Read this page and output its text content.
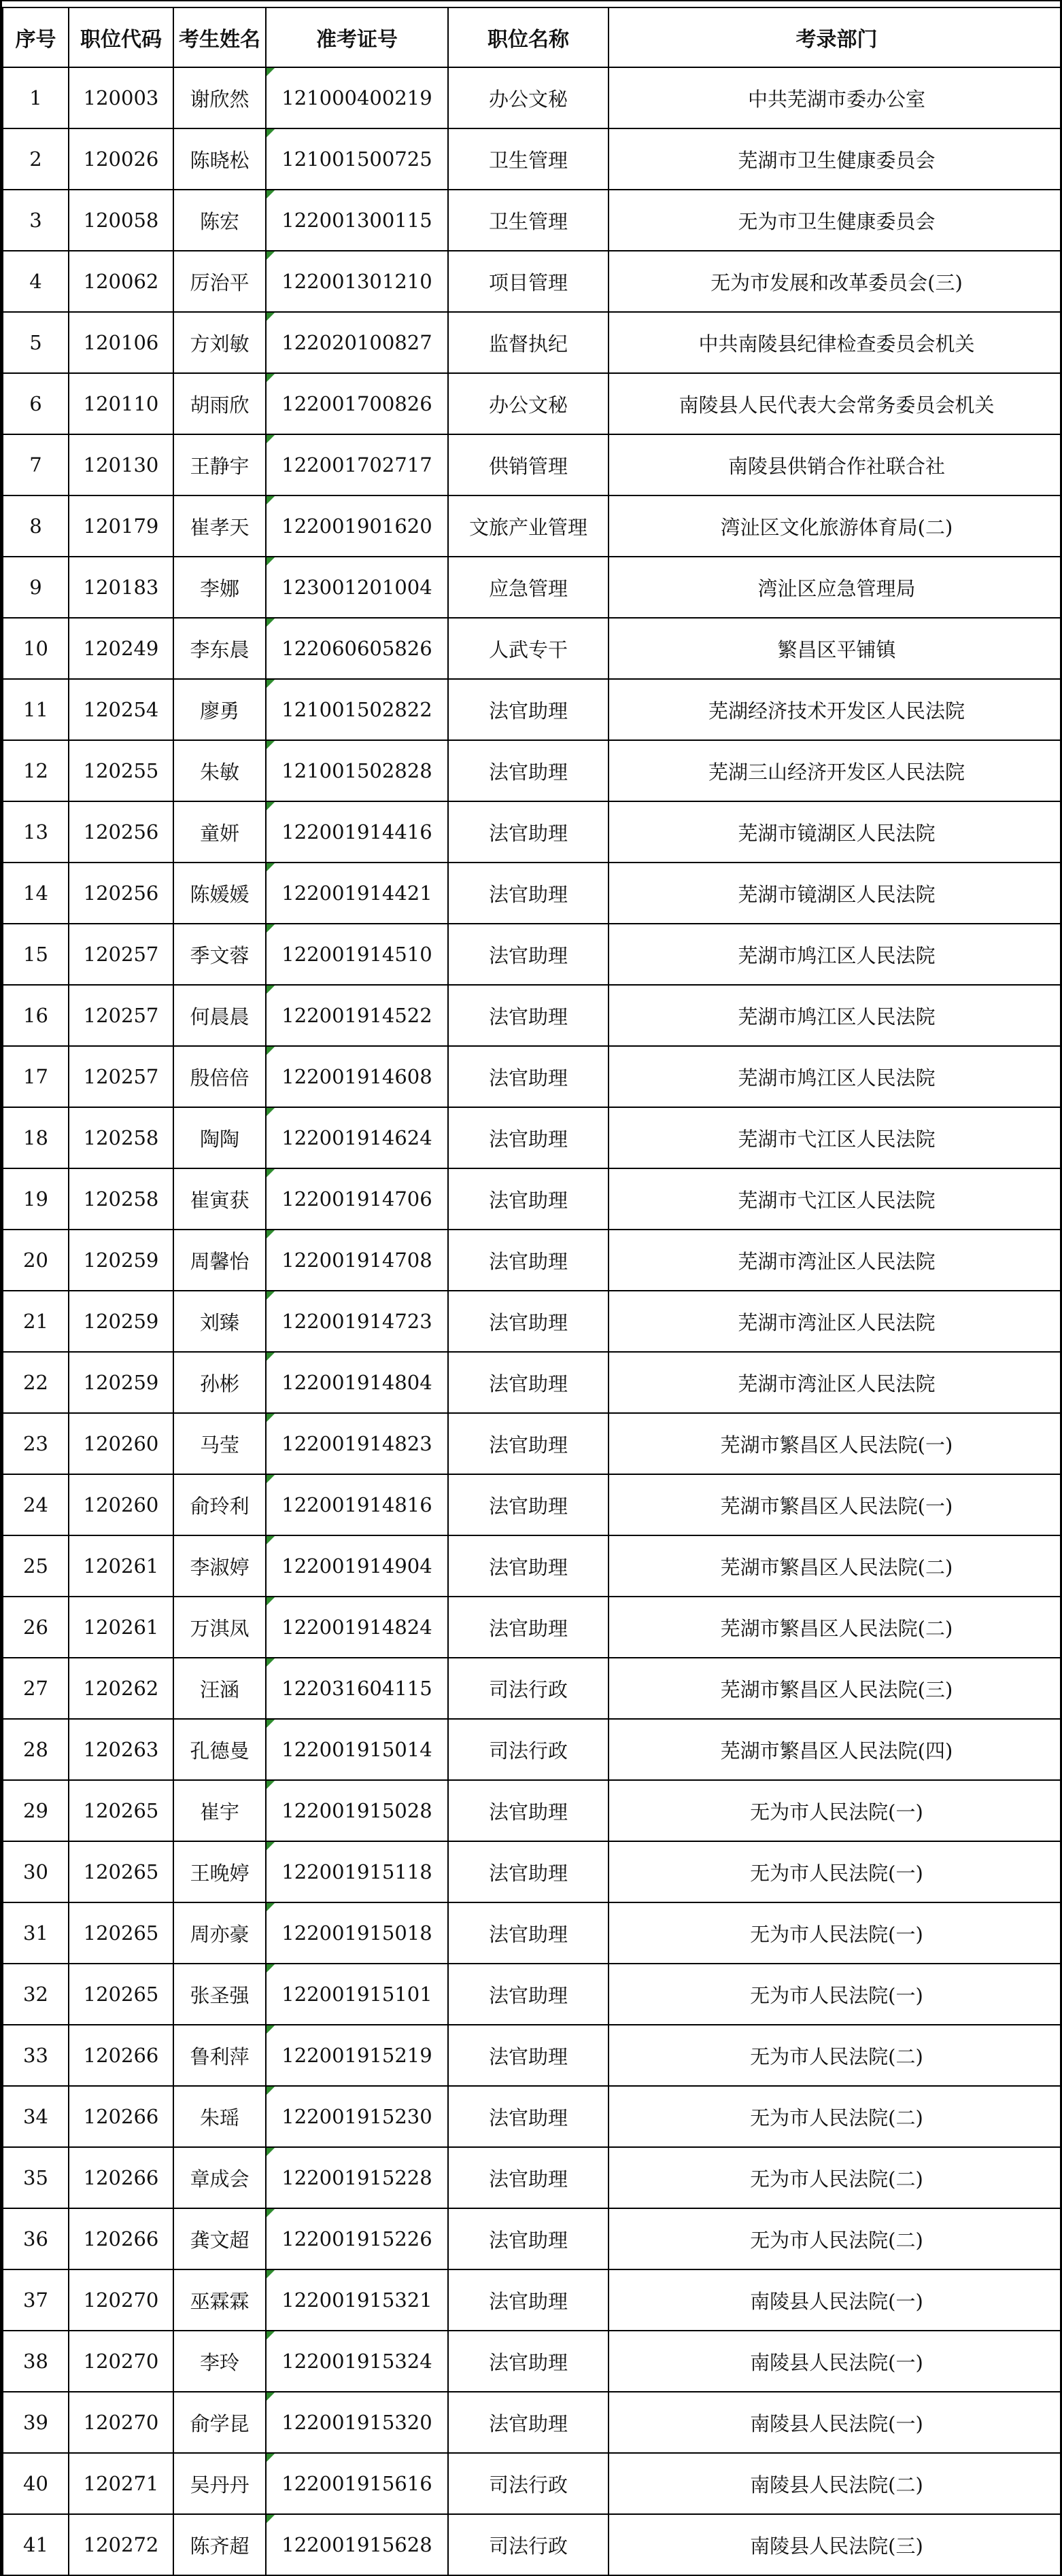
序号	职位代码	考生姓名	准考证号	职位名称	考录部门
1	120003	谢欣然	121000400219	办公文秘	中共芜湖市委办公室
2	120026	陈晓松	121001500725	卫生管理	芜湖市卫生健康委员会
3	120058	陈宏	122001300115	卫生管理	无为市卫生健康委员会
4	120062	厉治平	122001301210	项目管理	无为市发展和改革委员会(三)
5	120106	方刘敏	122020100827	监督执纪	中共南陵县纪律检查委员会机关
6	120110	胡雨欣	122001700826	办公文秘	南陵县人民代表大会常务委员会机关
7	120130	王静宇	122001702717	供销管理	南陵县供销合作社联合社
8	120179	崔孝天	122001901620	文旅产业管理	湾沚区文化旅游体育局(二)
9	120183	李娜	123001201004	应急管理	湾沚区应急管理局
10	120249	李东晨	122060605826	人武专干	繁昌区平铺镇
11	120254	廖勇	121001502822	法官助理	芜湖经济技术开发区人民法院
12	120255	朱敏	121001502828	法官助理	芜湖三山经济开发区人民法院
13	120256	童妍	122001914416	法官助理	芜湖市镜湖区人民法院
14	120256	陈媛媛	122001914421	法官助理	芜湖市镜湖区人民法院
15	120257	季文蓉	122001914510	法官助理	芜湖市鸠江区人民法院
16	120257	何晨晨	122001914522	法官助理	芜湖市鸠江区人民法院
17	120257	殷倍倍	122001914608	法官助理	芜湖市鸠江区人民法院
18	120258	陶陶	122001914624	法官助理	芜湖市弋江区人民法院
19	120258	崔寅获	122001914706	法官助理	芜湖市弋江区人民法院
20	120259	周馨怡	122001914708	法官助理	芜湖市湾沚区人民法院
21	120259	刘臻	122001914723	法官助理	芜湖市湾沚区人民法院
22	120259	孙彬	122001914804	法官助理	芜湖市湾沚区人民法院
23	120260	马莹	122001914823	法官助理	芜湖市繁昌区人民法院(一)
24	120260	俞玲利	122001914816	法官助理	芜湖市繁昌区人民法院(一)
25	120261	李淑婷	122001914904	法官助理	芜湖市繁昌区人民法院(二)
26	120261	万淇凤	122001914824	法官助理	芜湖市繁昌区人民法院(二)
27	120262	汪涵	122031604115	司法行政	芜湖市繁昌区人民法院(三)
28	120263	孔德曼	122001915014	司法行政	芜湖市繁昌区人民法院(四)
29	120265	崔宇	122001915028	法官助理	无为市人民法院(一)
30	120265	王晚婷	122001915118	法官助理	无为市人民法院(一)
31	120265	周亦豪	122001915018	法官助理	无为市人民法院(一)
32	120265	张圣强	122001915101	法官助理	无为市人民法院(一)
33	120266	鲁利萍	122001915219	法官助理	无为市人民法院(二)
34	120266	朱瑶	122001915230	法官助理	无为市人民法院(二)
35	120266	章成会	122001915228	法官助理	无为市人民法院(二)
36	120266	龚文超	122001915226	法官助理	无为市人民法院(二)
37	120270	巫霖霖	122001915321	法官助理	南陵县人民法院(一)
38	120270	李玲	122001915324	法官助理	南陵县人民法院(一)
39	120270	俞学昆	122001915320	法官助理	南陵县人民法院(一)
40	120271	吴丹丹	122001915616	司法行政	南陵县人民法院(二)
41	120272	陈齐超	122001915628	司法行政	南陵县人民法院(三)
